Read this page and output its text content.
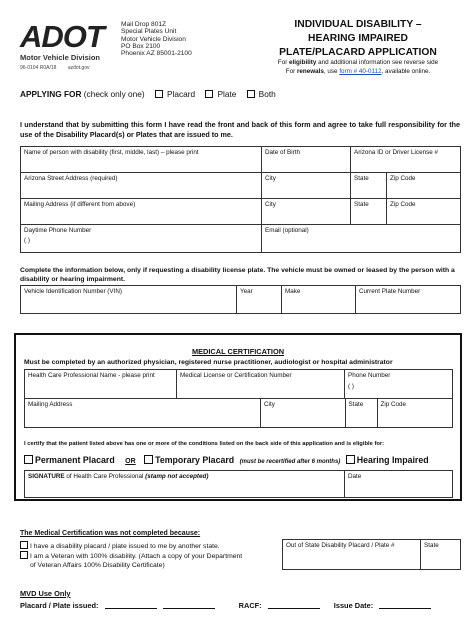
ADOT
Motor Vehicle Division
96-0104 R0A/18 azdot.gov
Mail Drop 801Z
Special Plates Unit
Motor Vehicle Division
PO Box 2100
Phoenix AZ 85001-2100
INDIVIDUAL DISABILITY –
HEARING IMPAIRED
PLATE/PLACARD APPLICATION
For eligibility and additional information see reverse side
For renewals, use form # 40-0112, available online.
APPLYING FOR (check only one)	Placard	Plate	Both
I understand that by submitting this form I have read the front and back of this form and agree to take full responsibility for the use of the Disability Placard(s) or Plates that are issued to me.
Name of person with disability (first, middle, last) – please print	Date of Birth	Arizona ID or Driver License #	
Arizona Street Address (required)	City	State	Zip Code
Mailing Address (if different from above)	City	State	Zip Code

Daytime Phone Number
( )	Email (optional)		
Complete the information below, only if requesting a disability license plate. The vehicle must be owned or leased by the person with a disability or hearing impairment.
Vehicle Identification Number (VIN)	Year	Make	Current Plate Number
MEDICAL CERTIFICATION
Must be completed by an authorized physician, registered nurse practitioner, audiologist or hospital administrator
Health Care Professional Name - please print	Medical License or Certification Number	Phone Number
( )

Mailing Address		City	State	Zip Code
I certify that the patient listed above has one or more of the conditions listed on the back side of this application and is eligible for:
Permanent Placard OR Temporary Placard (must be recertified after 6 months) Hearing Impaired
SIGNATURE of Health Care Professional (stamp not accepted)	Date
The Medical Certification was not completed because:
I have a disability placard / plate issued to me by another state.
I am a Veteran with 100% disability. (Attach a copy of your Department
of Veteran Affairs 100% Disability Certificate)
Out of State Disability Placard / Plate #	State
MVD Use Only
Placard / Plate issued:	RACF:	Issue Date:
